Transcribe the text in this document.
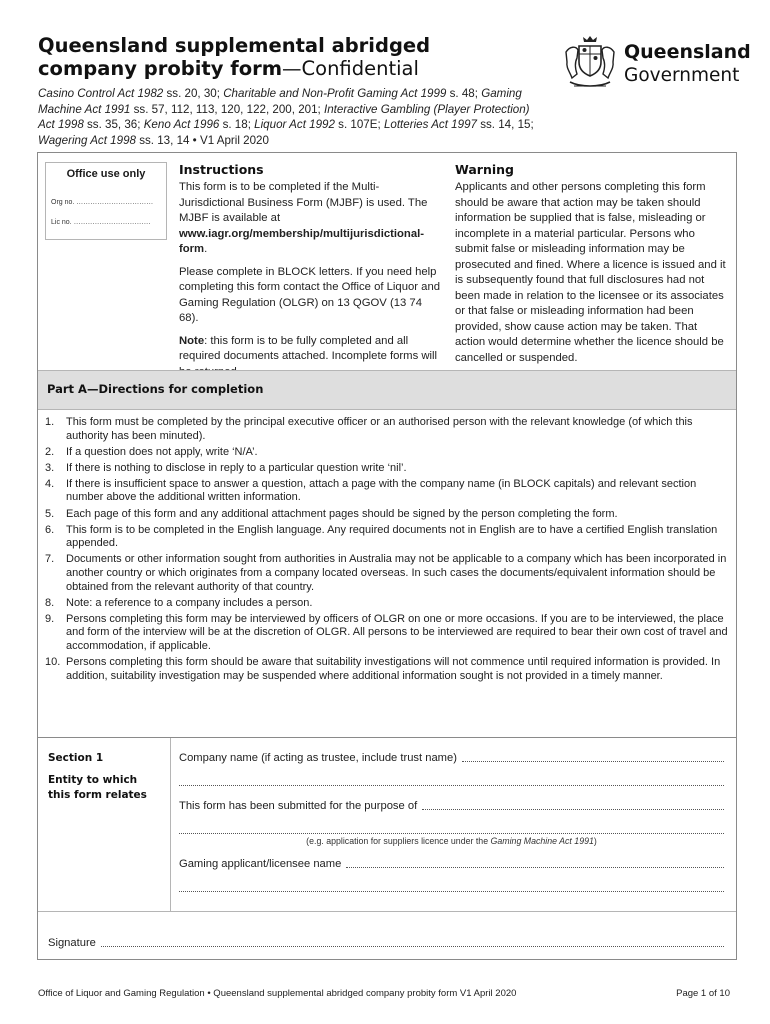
Queensland supplemental abridged
company probity form—Confidential
Queensland
Government
Casino Control Act 1982 ss. 20, 30; Charitable and Non-Profit Gaming Act 1999 s. 48; Gaming Machine Act 1991 ss. 57, 112, 113, 120, 122, 200, 201; Interactive Gambling (Player Protection) Act 1998 ss. 35, 36; Keno Act 1996 s. 18; Liquor Act 1992 s. 107E; Lotteries Act 1997 ss. 14, 15; Wagering Act 1998 ss. 13, 14 • V1 April 2020
Office use only
Org no. ……………………………
Lic no. ……………………………
Instructions
This form is to be completed if the Multi-Jurisdictional Business Form (MJBF) is used. The MJBF is available at www.iagr.org/membership/multijurisdictional-form.
Please complete in BLOCK letters. If you need help completing this form contact the Office of Liquor and Gaming Regulation (OLGR) on 13 QGOV (13 74 68).
Note: this form is to be fully completed and all required documents attached. Incomplete forms will
Warning
Applicants and other persons completing this form should be aware that action may be taken should information be supplied that is false, misleading or incomplete in a material particular. Persons who submit false or misleading information may be prosecuted and fined. Where a licence is issued and it is subsequently found that full disclosures had not been made in relation to the licensee or its associates or that false or misleading information had been provided, show cause action may be taken. That action would determine whether the licence should be cancelled or suspended.
Part A—Directions for completion
1. This form must be completed by the principal executive officer or an authorised person with the relevant knowledge (of which this authority has been minuted).
2. If a question does not apply, write ‘N/A’.
3. If there is nothing to disclose in reply to a particular question write ‘nil’.
4. If there is insufficient space to answer a question, attach a page with the company name (in BLOCK capitals) and relevant section number above the additional written information.
5. Each page of this form and any additional attachment pages should be signed by the person completing the form.
6. This form is to be completed in the English language. Any required documents not in English are to have a certified English translation appended.
7. Documents or other information sought from authorities in Australia may not be applicable to a company which has been incorporated in another country or which originates from a company located overseas. In such cases the documents/equivalent information should be obtained from the relevant authority of that country.
8. Note: a reference to a company includes a person.
9. Persons completing this form may be interviewed by officers of OLGR on one or more occasions. If you are to be interviewed, the place and form of the interview will be at the discretion of OLGR. All persons to be interviewed are required to bear their own cost of travel and accommodation, if applicable.
10. Persons completing this form should be aware that suitability investigations will not commence until required information is provided. In addition, suitability investigation may be suspended where additional information sought is not provided in a timely manner.
Section 1
Entity to which this form relates
Company name (if acting as trustee, include trust name)
This form has been submitted for the purpose of
(e.g. application for suppliers licence under the Gaming Machine Act 1991)
Gaming applicant/licensee name
Signature
Office of Liquor and Gaming Regulation • Queensland supplemental abridged company probity form V1 April 2020	Page 1 of 10
